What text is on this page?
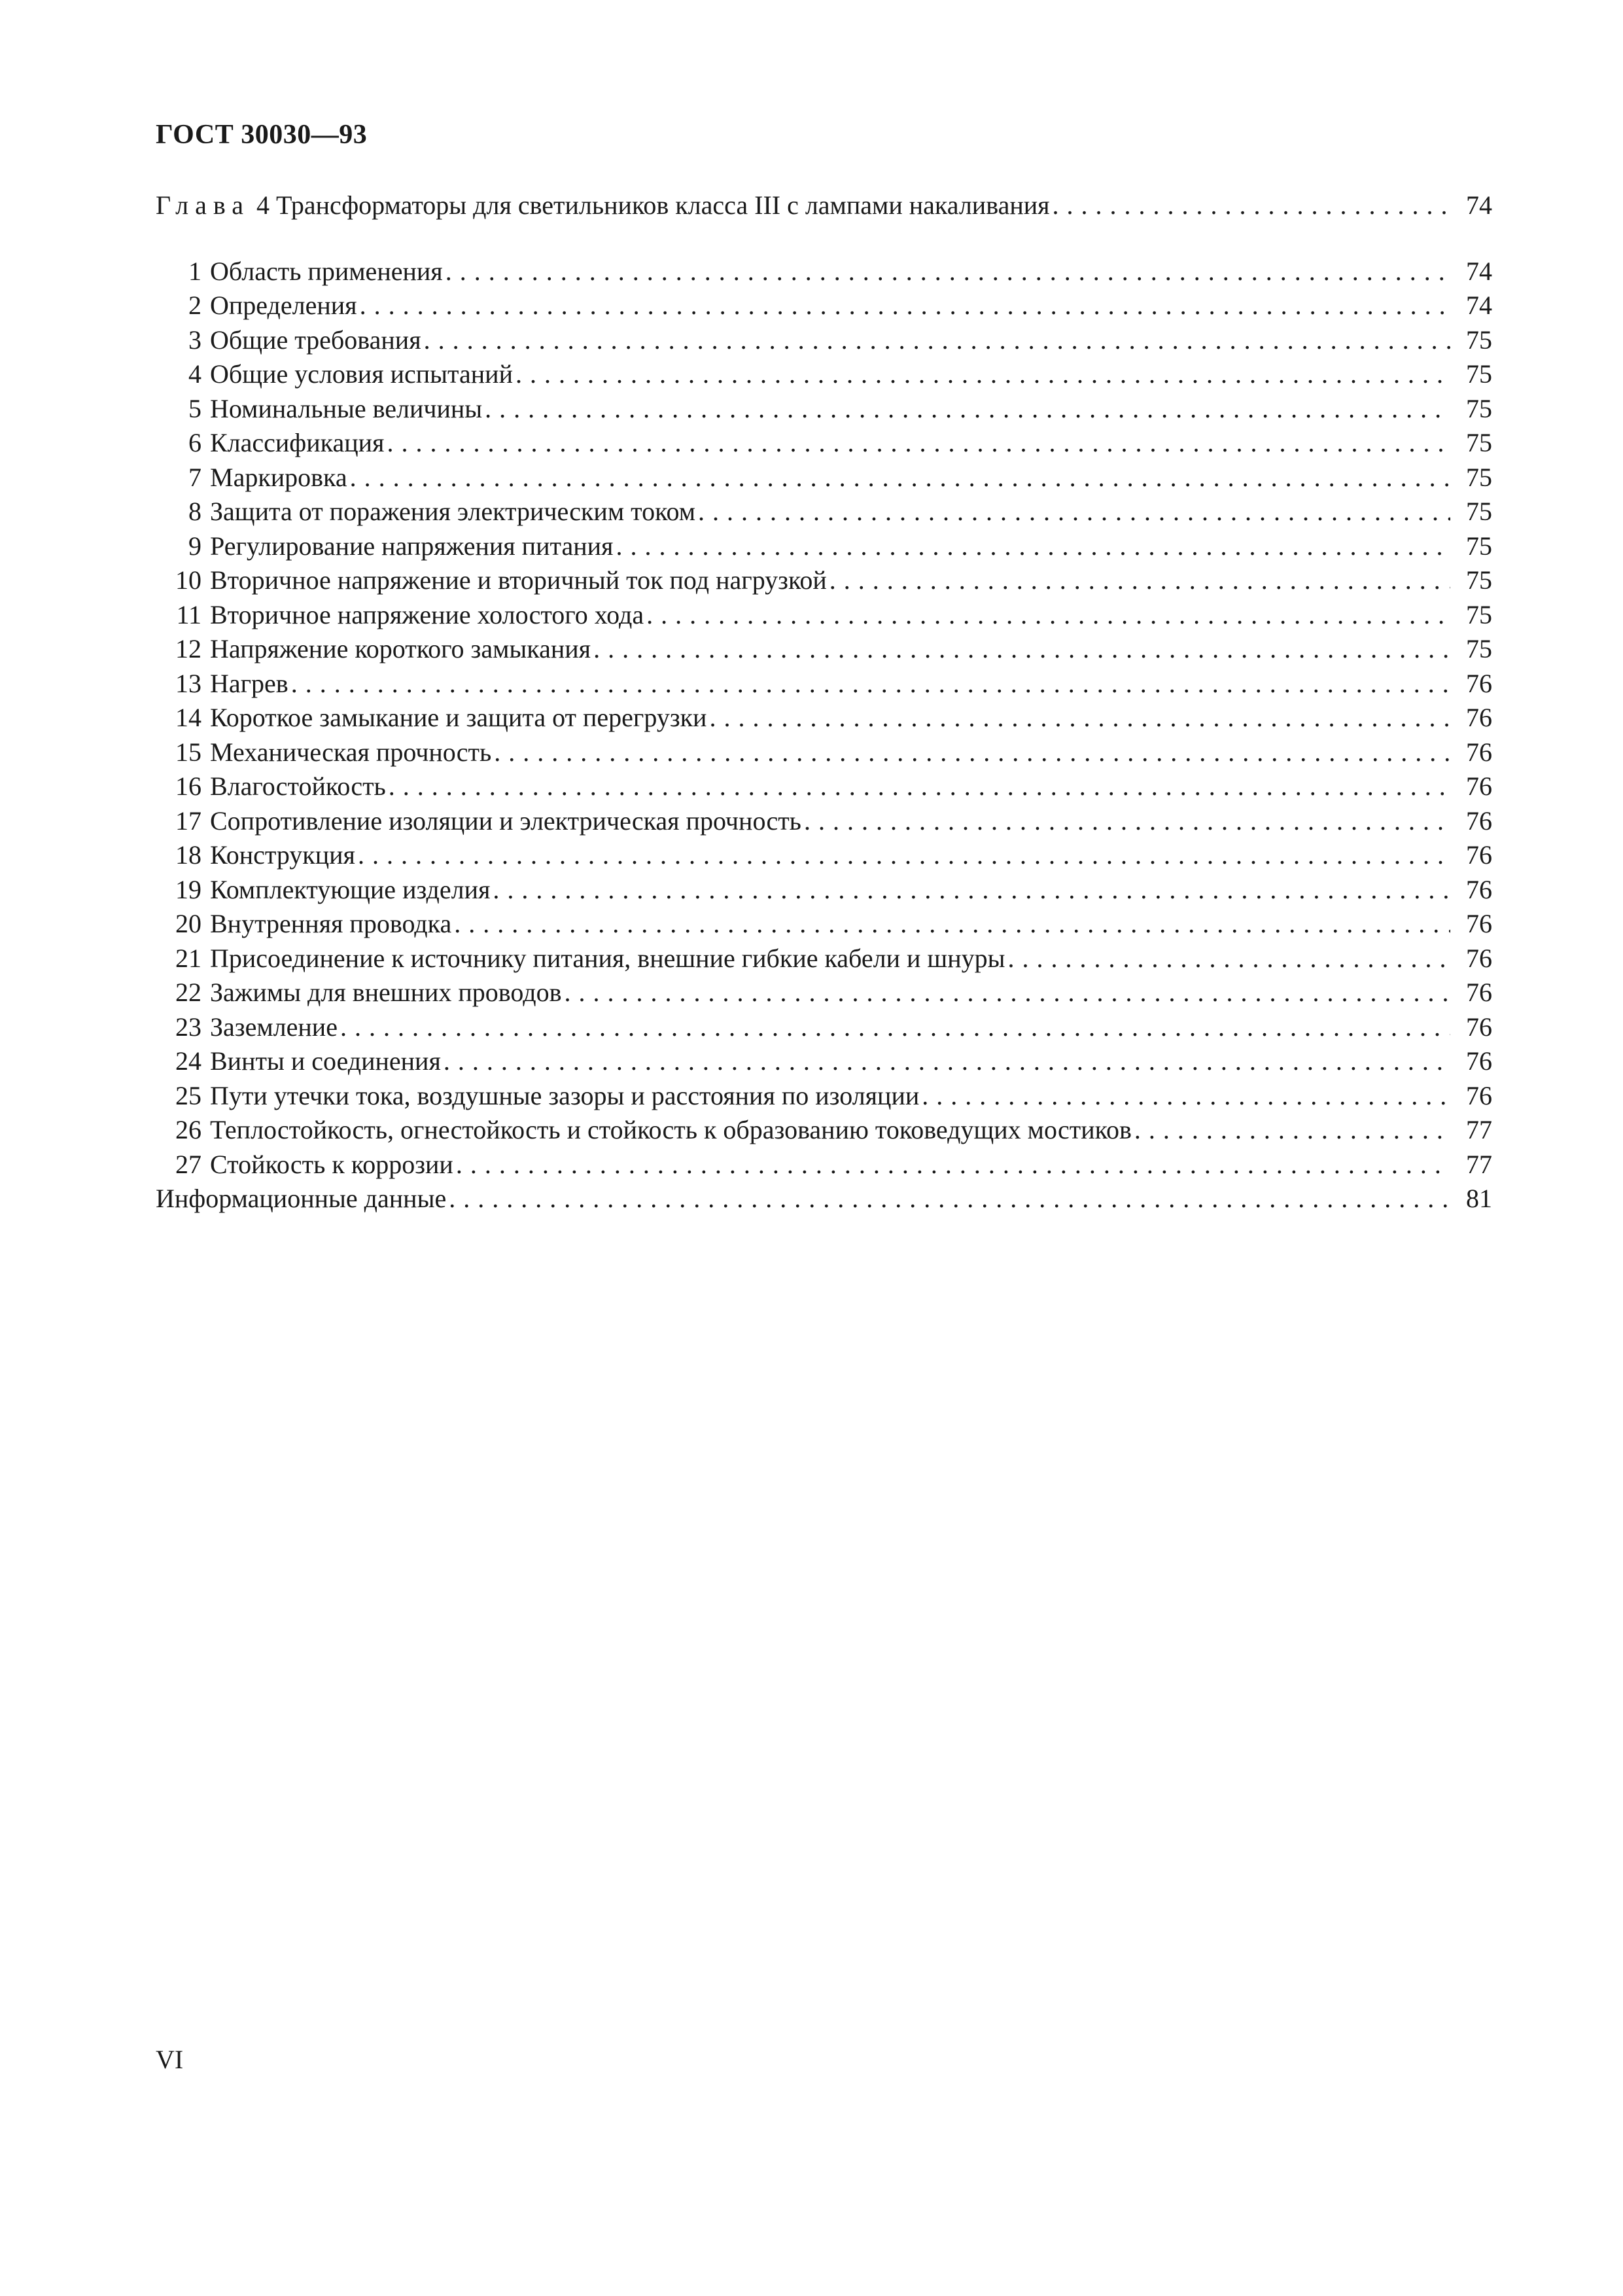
ГОСТ 30030—93
Глава 4 Трансформаторы для светильников класса III с лампами накаливания . . .	74
1 Область применения . . .	74
2 Определения . . .	74
3 Общие требования . . .	75
4 Общие условия испытаний . . .	75
5 Номинальные величины . . .	75
6 Классификация . . .	75
7 Маркировка . . .	75
8 Защита от поражения электрическим током . . .	75
9 Регулирование напряжения питания . . .	75
10 Вторичное напряжение и вторичный ток под нагрузкой . . .	75
11 Вторичное напряжение холостого хода . . .	75
12 Напряжение короткого замыкания . . .	75
13 Нагрев . . .	76
14 Короткое замыкание и защита от перегрузки . . .	76
15 Механическая прочность . . .	76
16 Влагостойкость . . .	76
17 Сопротивление изоляции и электрическая прочность . . .	76
18 Конструкция . . .	76
19 Комплектующие изделия . . .	76
20 Внутренняя проводка . . .	76
21 Присоединение к источнику питания, внешние гибкие кабели и шнуры . . .	76
22 Зажимы для внешних проводов . . .	76
23 Заземление . . .	76
24 Винты и соединения . . .	76
25 Пути утечки тока, воздушные зазоры и расстояния по изоляции . . .	76
26 Теплостойкость, огнестойкость и стойкость к образованию токоведущих мостиков . . .	77
27 Стойкость к коррозии . . .	77
Информационные данные . . .	81
VI
